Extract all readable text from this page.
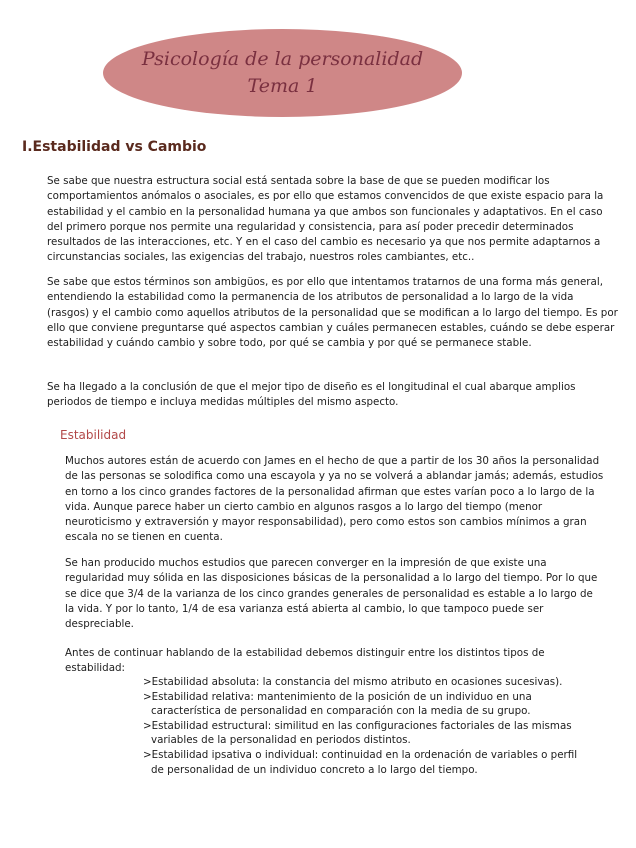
Psicología de la personalidad
Tema 1
I.Estabilidad vs Cambio

Se sabe que nuestra estructura social está sentada sobre la base de que se pueden modificar los comportamientos anómalos o asociales, es por ello que estamos convencidos de que existe espacio para la estabilidad y el cambio en la personalidad humana ya que ambos son funcionales y adaptativos. En el caso del primero porque nos permite una regularidad y consistencia, para así poder precedir determinados resultados de las interacciones, etc. Y en el caso del cambio es necesario ya que nos permite adaptarnos a circunstancias sociales, las exigencias del trabajo, nuestros roles cambiantes, etc..

Se sabe que estos términos son ambigüos, es por ello que intentamos tratarnos de una forma más general, entendiendo la estabilidad como la permanencia de los atributos de personalidad a lo largo de la vida (rasgos) y el cambio como aquellos atributos de la personalidad que se modifican a lo largo del tiempo. Es por ello que conviene preguntarse qué aspectos cambian y cuáles permanecen estables, cuándo se debe esperar estabilidad y cuándo cambio y sobre todo, por qué se cambia y por qué se permanece stable.

Se ha llegado a la conclusión de que el mejor tipo de diseño es el longitudinal el cual abarque amplios periodos de tiempo e incluya medidas múltiples del mismo aspecto.

Estabilidad

Muchos autores están de acuerdo con James en el hecho de que a partir de los 30 años la personalidad de las personas se solodifica como una escayola y ya no se volverá a ablandar jamás; además, estudios en torno a los cinco grandes factores de la personalidad afirman que estes varían poco a lo largo de la vida. Aunque parece haber un cierto cambio en algunos rasgos a lo largo del tiempo (menor neuroticismo y extraversión y mayor responsabilidad), pero como estos son cambios mínimos a gran escala no se tienen en cuenta.

Se han producido muchos estudios que parecen converger en la impresión de que existe una regularidad muy sólida en las disposiciones básicas de la personalidad a lo largo del tiempo. Por lo que se dice que 3/4 de la varianza de los cinco grandes generales de personalidad es estable a lo largo de la vida. Y por lo tanto, 1/4 de esa varianza está abierta al cambio, lo que tampoco puede ser despreciable.

Antes de continuar hablando de la estabilidad debemos distinguir entre los distintos tipos de estabilidad:

>Estabilidad absoluta: la constancia del mismo atributo en ocasiones sucesivas).
>Estabilidad relativa: mantenimiento de la posición de un individuo en una característica de personalidad en comparación con la media de su grupo.
>Estabilidad estructural: similitud en las configuraciones factoriales de las mismas variables de la personalidad en periodos distintos.
>Estabilidad ipsativa o individual: continuidad en la ordenación de variables o perfil de personalidad de un individuo concreto a lo largo del tiempo.
